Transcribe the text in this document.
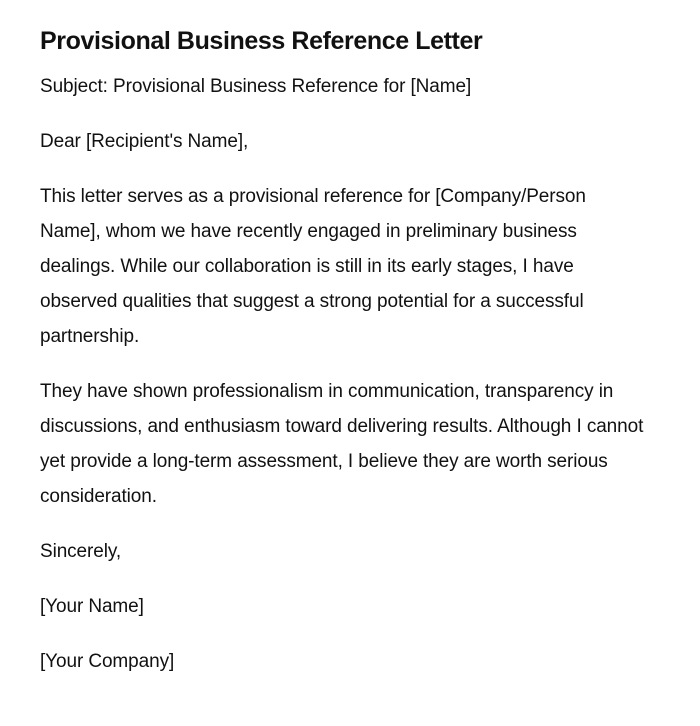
Provisional Business Reference Letter

Subject: Provisional Business Reference for [Name]

Dear [Recipient's Name],

This letter serves as a provisional reference for [Company/Person Name], whom we have recently engaged in preliminary business dealings. While our collaboration is still in its early stages, I have observed qualities that suggest a strong potential for a successful partnership.

They have shown professionalism in communication, transparency in discussions, and enthusiasm toward delivering results. Although I cannot yet provide a long-term assessment, I believe they are worth serious consideration.

Sincerely,

[Your Name]

[Your Company]
